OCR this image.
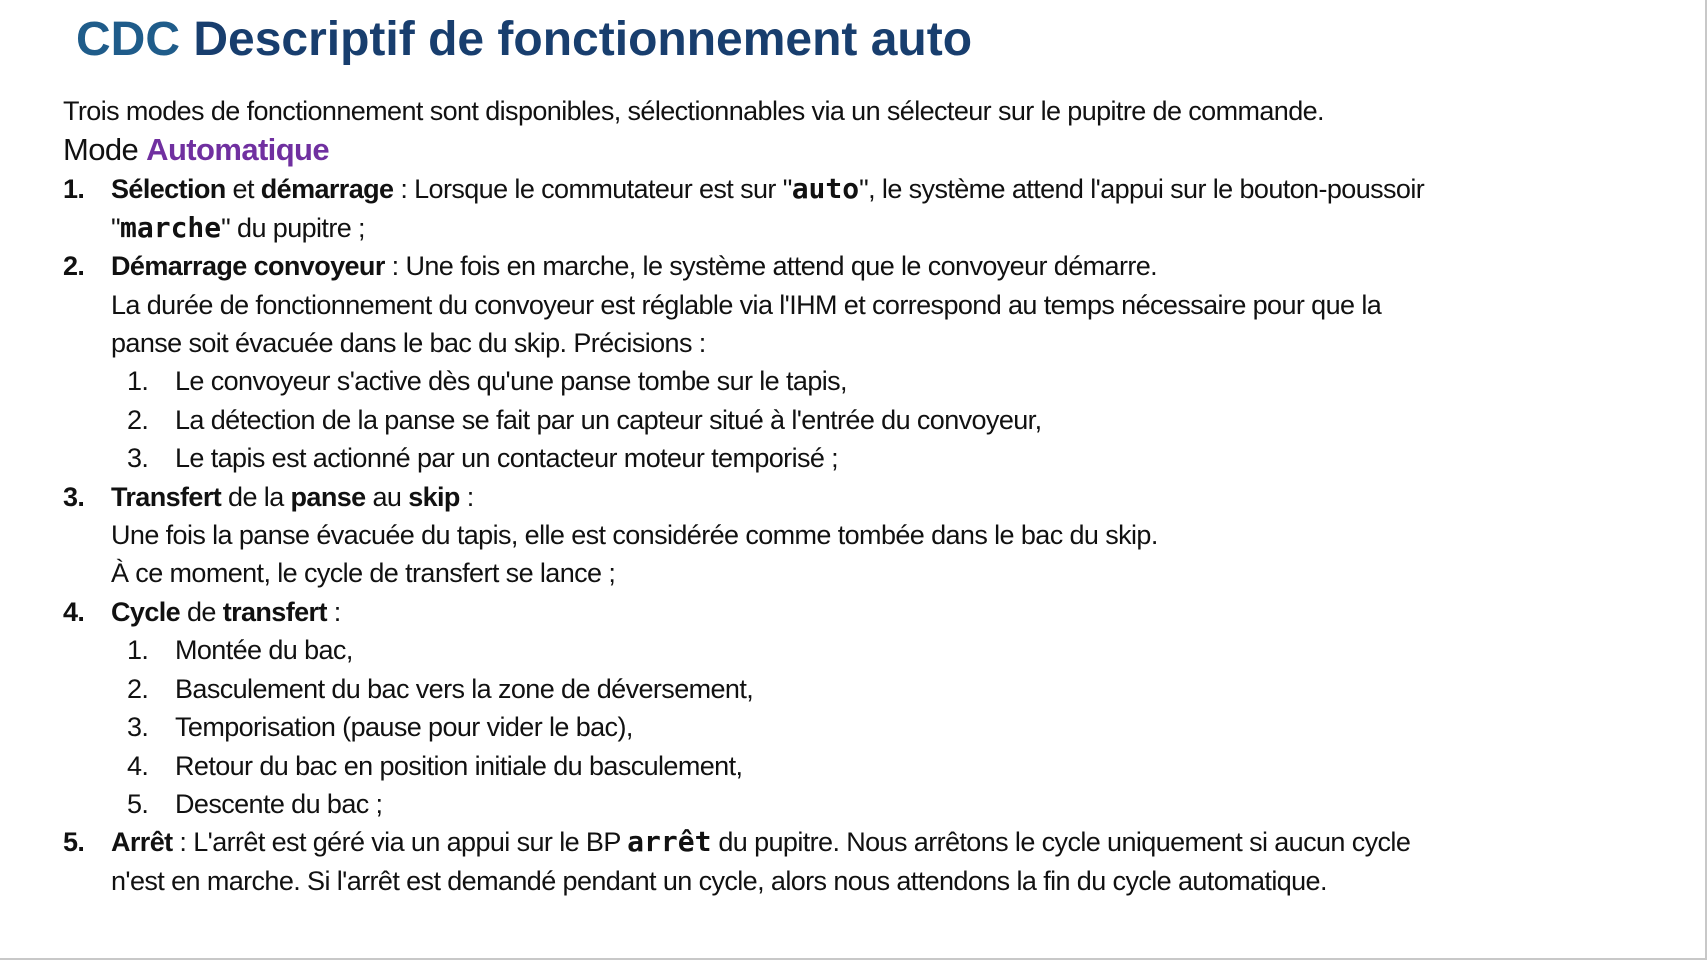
CDC Descriptif de fonctionnement auto

Trois modes de fonctionnement sont disponibles, sélectionnables via un sélecteur sur le pupitre de commande.

Mode Automatique

1. Sélection et démarrage : Lorsque le commutateur est sur "auto", le système attend l'appui sur le bouton-poussoir
"marche" du pupitre ;
2. Démarrage convoyeur : Une fois en marche, le système attend que le convoyeur démarre.
La durée de fonctionnement du convoyeur est réglable via l'IHM et correspond au temps nécessaire pour que la
panse soit évacuée dans le bac du skip. Précisions :
1. Le convoyeur s'active dès qu'une panse tombe sur le tapis,
2. La détection de la panse se fait par un capteur situé à l'entrée du convoyeur,
3. Le tapis est actionné par un contacteur moteur temporisé ;
3. Transfert de la panse au skip :
Une fois la panse évacuée du tapis, elle est considérée comme tombée dans le bac du skip.
À ce moment, le cycle de transfert se lance ;
4. Cycle de transfert :
1. Montée du bac,
2. Basculement du bac vers la zone de déversement,
3. Temporisation (pause pour vider le bac),
4. Retour du bac en position initiale du basculement,
5. Descente du bac ;
5. Arrêt : L'arrêt est géré via un appui sur le BP arrêt du pupitre. Nous arrêtons le cycle uniquement si aucun cycle
n'est en marche. Si l'arrêt est demandé pendant un cycle, alors nous attendons la fin du cycle automatique.
